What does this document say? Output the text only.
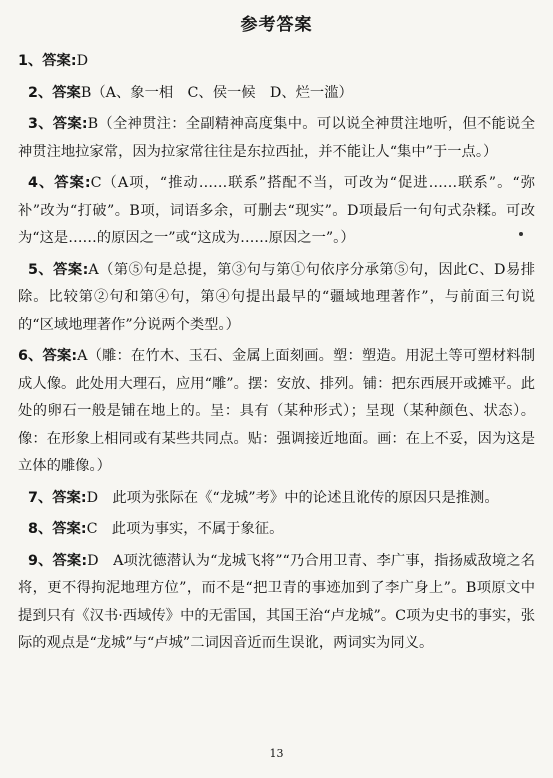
参考答案

1、答案:D

2、答案B（A、象一相　C、侯一候　D、烂一滥）

3、答案:B（全神贯注：全副精神高度集中。可以说全神贯注地听，但不能说全神贯注地拉家常，因为拉家常往往是东拉西扯，并不能让人“集中”于一点。）

4、答案:C（A项，“推动……联系”搭配不当，可改为“促进……联系”。“弥补”改为“打破”。B项，词语多余，可删去“现实”。D项最后一句句式杂糅。可改为“这是……的原因之一”或“这成为……原因之一”。）

5、答案:A（第⑤句是总提，第③句与第①句依序分承第⑤句，因此C、D易排除。比较第②句和第④句，第④句提出最早的“疆域地理著作”，与前面三句说的“区域地理著作”分说两个类型。）

6、答案:A（雕：在竹木、玉石、金属上面刻画。塑：塑造。用泥土等可塑材料制成人像。此处用大理石，应用“雕”。摆：安放、排列。铺：把东西展开或摊平。此处的卵石一般是铺在地上的。呈：具有（某种形式）；呈现（某种颜色、状态）。像：在形象上相同或有某些共同点。贴：强调接近地面。画：在上不妥，因为这是立体的雕像。）

7、答案:D　此项为张际在《“龙城”考》中的论述且讹传的原因只是推测。

8、答案:C　此项为事实，不属于象征。

9、答案:D　A项沈德潜认为“龙城飞将”“乃合用卫青、李广事，指扬威敌境之名将，更不得拘泥地理方位”，而不是“把卫青的事迹加到了李广身上”。B项原文中提到只有《汉书·西域传》中的无雷国，其国王治“卢龙城”。C项为史书的事实，张际的观点是“龙城”与“卢城”二词因音近而生误讹，两词实为同义。

13
